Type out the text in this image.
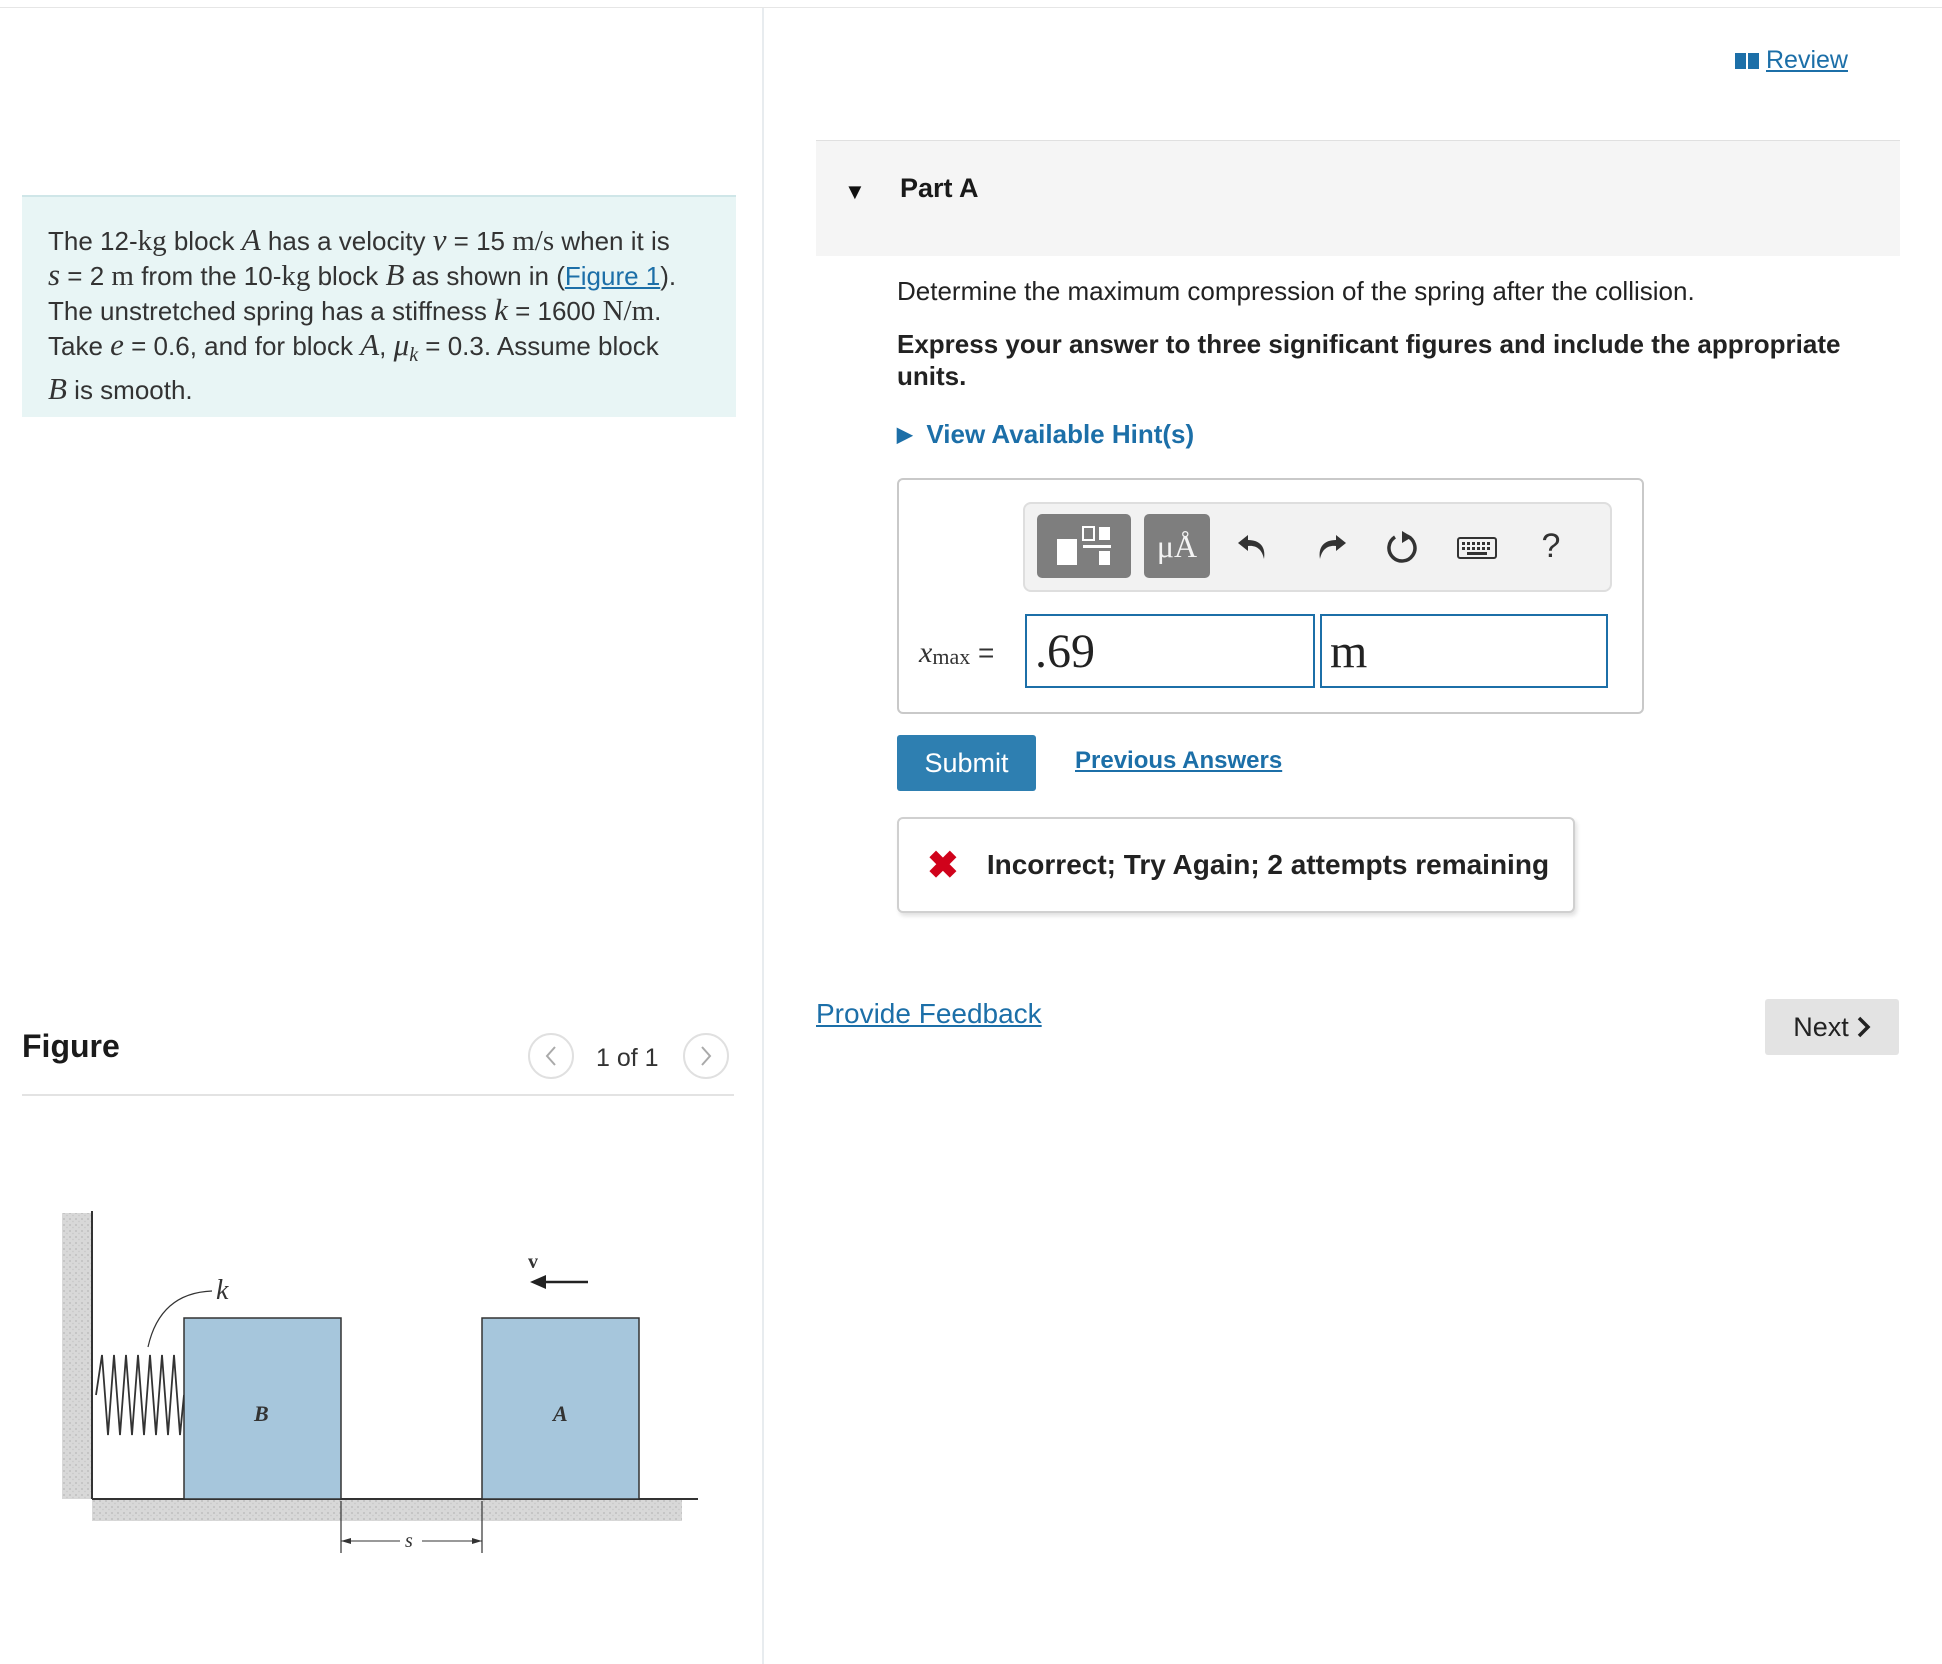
The 12-kg block A has a velocity v = 15 m/s when it is
s = 2 m from the 10-kg block B as shown in (Figure 1).
The unstretched spring has a stiffness k = 1600 N/m.
Take e = 0.6, and for block A, $\mu_k = 0.3$. Assume block
B is smooth.
Figure	1 of 1
k
B	A
v
s
Review
▼ Part A
Determine the maximum compression of the spring after the collision.
Express your answer to three significant figures and include the appropriate units.
▶ View Available Hint(s)
μÅ	?
$x_{max} = .69$	m
Submit	Previous Answers
✖ Incorrect; Try Again; 2 attempts remaining
Provide Feedback	Next
